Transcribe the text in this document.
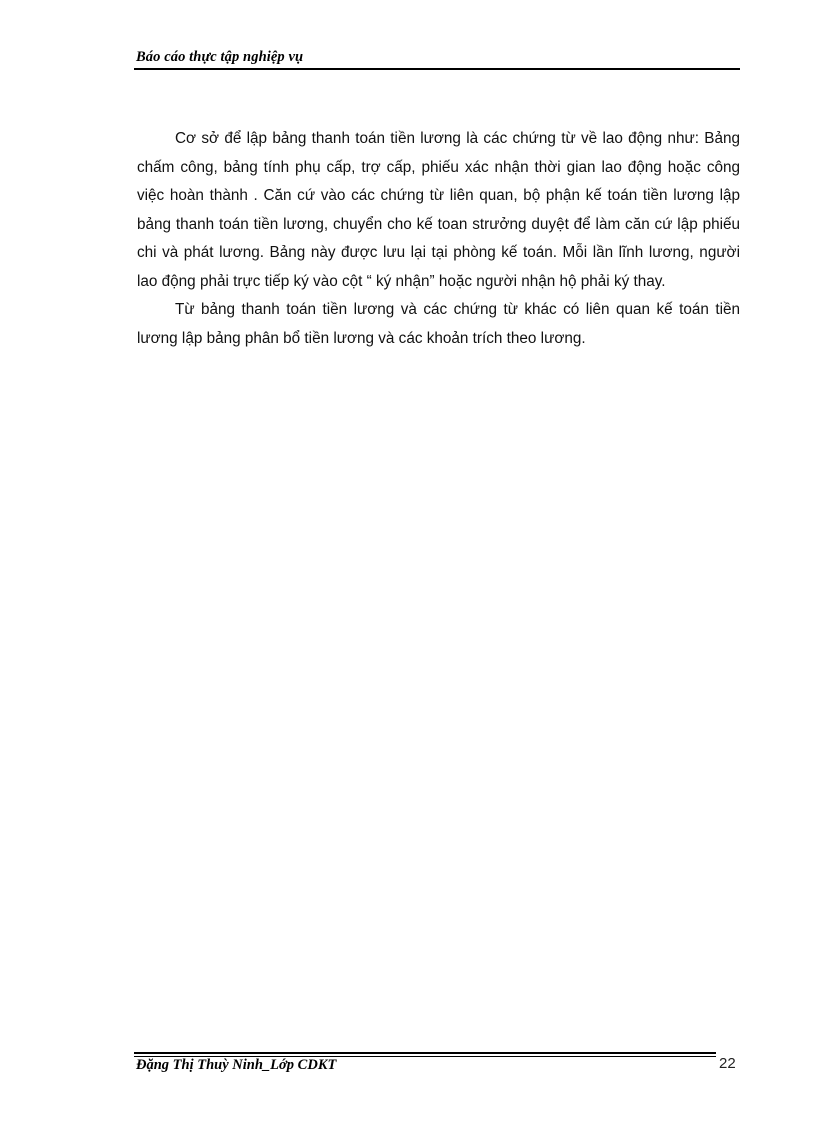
Báo cáo thực tập nghiệp vụ

Cơ sở để lập bảng thanh toán tiền lương là các chứng từ về lao động như: Bảng chấm công, bảng tính phụ cấp, trợ cấp, phiếu xác nhận thời gian lao động hoặc công việc hoàn thành . Căn cứ vào các chứng từ liên quan, bộ phận kế toán tiền lương lập bảng thanh toán tiền lương, chuyển cho kế toan strưởng duyệt để làm căn cứ lập phiếu chi và phát lương. Bảng này được lưu lại tại phòng kế toán. Mỗi lần lĩnh lương, người lao động phải trực tiếp ký vào cột “ ký nhận” hoặc người nhận hộ phải ký thay.

Từ bảng thanh toán tiền lương và các chứng từ khác có liên quan kế toán tiền lương lập bảng phân bổ tiền lương và các khoản trích theo lương.

Đặng Thị Thuỳ Ninh_Lớp CDKT	22
